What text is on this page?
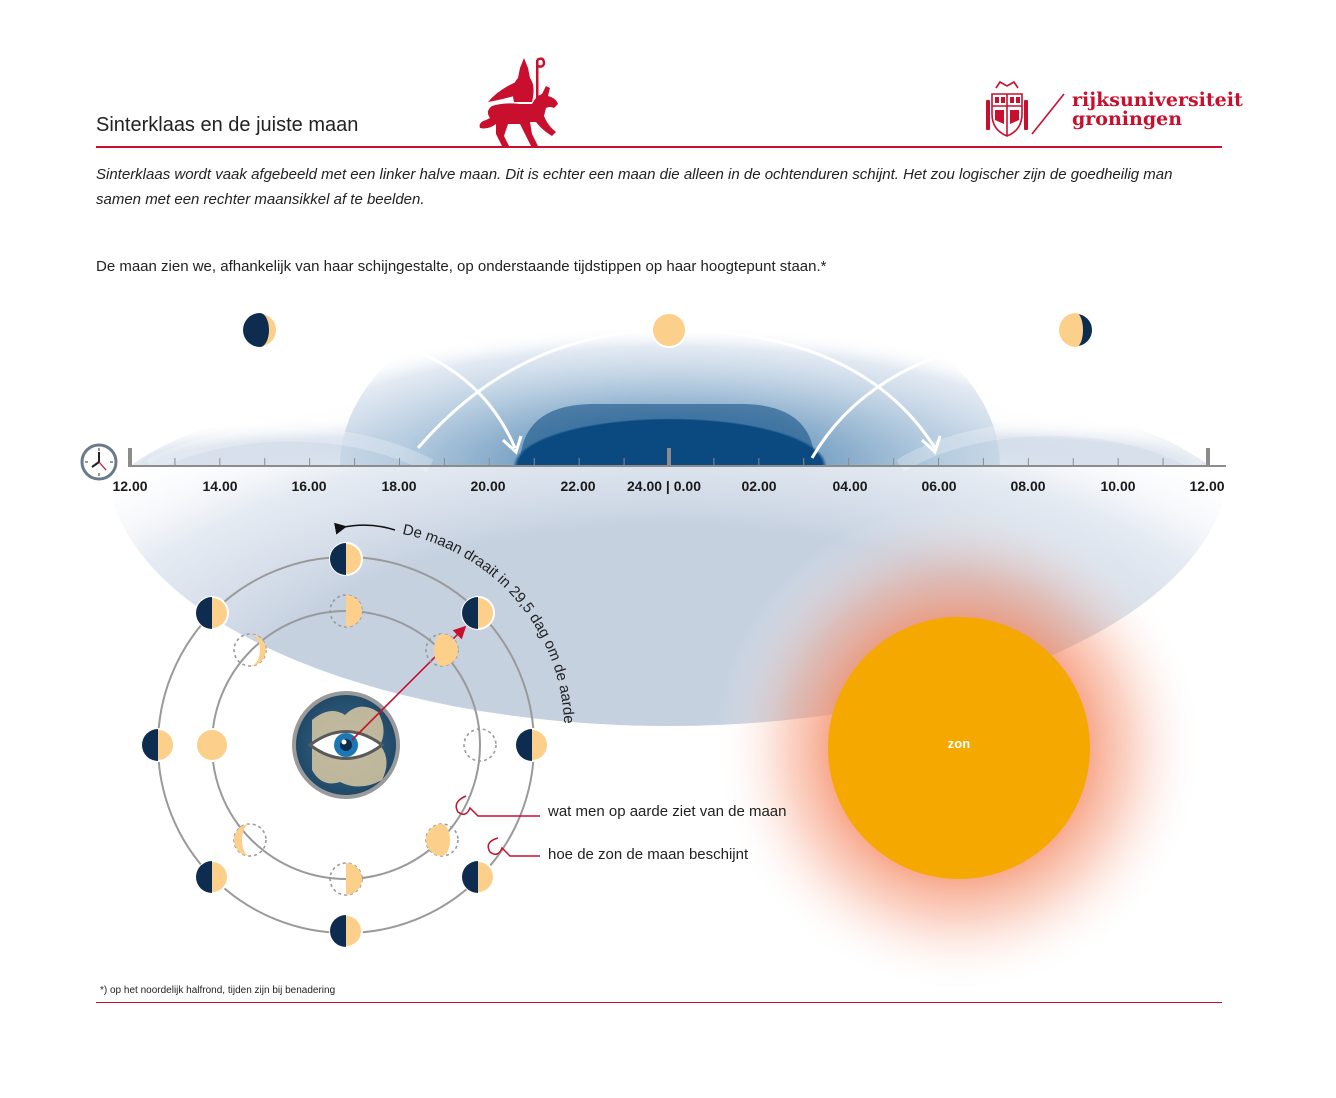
Sinterklaas en de juiste maan
Sinterklaas wordt vaak afgebeeld met een linker halve maan. Dit is echter een maan die alleen in de ochtenduren schijnt. Het zou logischer zijn de goedheilig man samen met een rechter maansikkel af te beelden.
De maan zien we, afhankelijk van haar schijngestalte, op onderstaande tijdstippen op haar hoogtepunt staan.*
rijksuniversiteit
groningen
12.00	14.00	16.00	18.00	20.00	22.00 24.00 | 0.00	02.00	04.00	06.00	08.00	10.00	12.00
De maan draait in 29,5 dag om de aarde
wat men op aarde ziet van de maan
hoe de zon de maan beschijnt
zon
*) op het noordelijk halfrond, tijden zijn bij benadering
